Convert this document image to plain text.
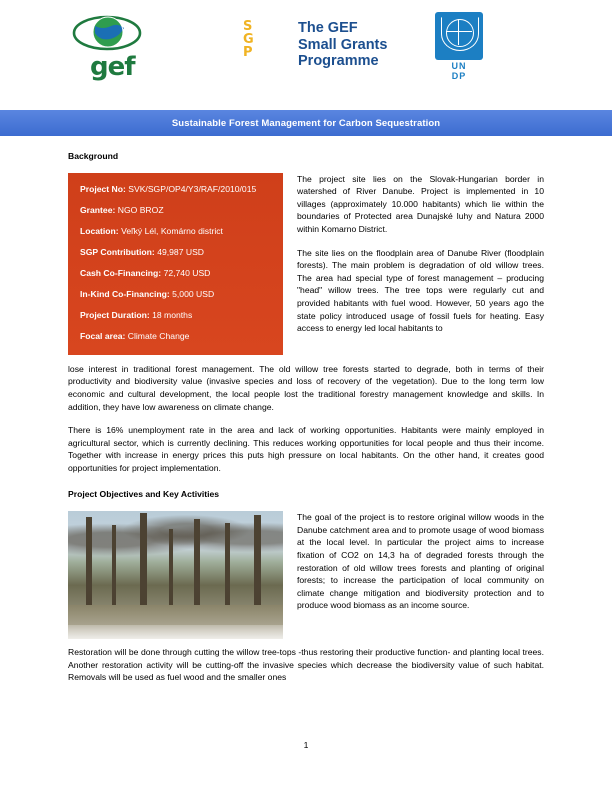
gef
S
G
P
The GEF
Small Grants
Programme	UN
DP
Sustainable Forest Management for Carbon Sequestration
Background
Project No: SVK/SGP/OP4/Y3/RAF/2010/015
Grantee: NGO BROZ
Location: Veľký Lél, Komárno district
SGP Contribution: 49,987 USD
Cash Co-Financing: 72,740 USD
In-Kind Co-Financing: 5,000 USD
Project Duration: 18 months
Focal area: Climate Change

The project site lies on the Slovak-Hungarian border in watershed of River Danube. Project is implemented in 10 villages (approximately 10.000 habitants) which lie within the boundaries of Protected area Dunajské luhy and Natura 2000 within Komarno District.

The site lies on the floodplain area of Danube River (floodplain forests). The main problem is degradation of old willow trees. The area had special type of forest management – producing "head" willow trees. The tree tops were regularly cut and provided habitants with fuel wood. However, 50 years ago the state policy introduced usage of fossil fuels for heating. Easy access to energy led local habitants to

lose interest in traditional forest management. The old willow tree forests started to degrade, both in terms of their productivity and biodiversity value (invasive species and loss of recovery of the vegetation). Due to the long term low economic and cultural development, the local people lost the traditional forestry management knowledge and skills. In addition, they have low awareness on climate change.

There is 16% unemployment rate in the area and lack of working opportunities. Habitants were mainly employed in agricultural sector, which is currently declining. This reduces working opportunities for local people and thus their income. Together with increase in energy prices this puts high pressure on local habitants. On the other hand, it creates good opportunities for project implementation.

Project Objectives and Key Activities

The goal of the project is to restore original willow woods in the Danube catchment area and to promote usage of wood biomass at the local level. In particular the project aims to increase fixation of CO2 on 14,3 ha of degraded forests through the restoration of old willow trees forests and planting of original forests; to increase the participation of local community on climate change mitigation and biodiversity protection and to produce wood biomass as an income source.

Restoration will be done through cutting the willow tree-tops -thus restoring their productive function- and planting local trees. Another restoration activity will be cutting-off the invasive species which decrease the biodiversity value of such habitat. Removals will be used as fuel wood and the smaller ones

1
